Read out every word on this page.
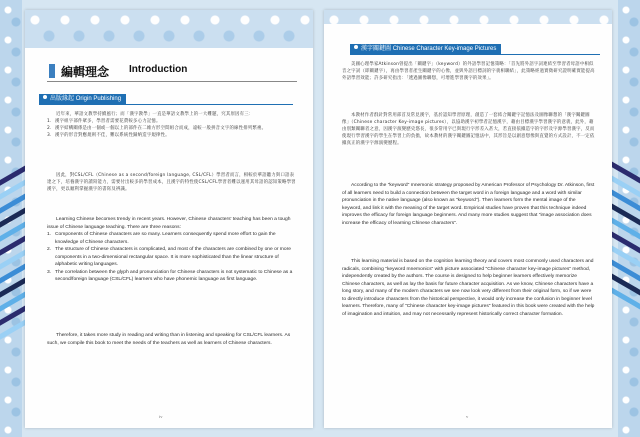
編輯理念 Introduction
出版緣起 Origin Publishing

近年來，華語文教學持續風行；而「漢字教學」一直是華語文教學上的一大難題，究其原因有三：

1. 漢字組字部件眾多，學習者需要花費較多心力記憶。
2. 漢字結構關係是由一個或一個以上的部件在二維方形空間組合而成，遠較一般拼音文字的線性排列繁複。
3. 漢字的形音對應規則不佳，難以系統性歸納造字規律性。

因此，對CSL/CFL（Chinese as a second/foreign language, CSL/CFL）學習者而言，相較於華語聽力與口語表達之下，培養漢字的讀寫能力，需要付出較多的學習成本，且漢字的特性使CSL/CFL學習者難以運用其母語的認知策略學習漢字，更以順利掌握漢字的書寫及辨識。

Learning Chinese becomes trendy in recent years. However, Chinese characters' teaching has been a tough issue of Chinese language teaching. There are three reasons:

1. Components of Chinese characters are so many. Learners consequently spend more effort to gain the knowledge of Chinese characters.
2. The structure of Chinese characters is complicated, and most of the characters are combined by one or more components in a two-dimensional rectangular space. It is more sophisticated than the linear structure of alphabetic writing languages.
3. The correlation between the glyph and pronunciation for Chinese characters is not systematic to Chinese as a second/foreign language (CSL/CFL) learners who have phonemic language as first language.

Therefore, it takes more study in reading and writing than in listening and speaking for CSL/CFL learners. As such, we compile this book to meet the needs of the teachers as well as learners of Chinese characters.

iv
漢字關鍵圖 Chinese Character Key-image Pictures

美國心理學家Atkinson曾提出「關鍵字」（keyword）的外語學習記憶策略：「首先將外語字詞連結至學習者母語中相似音之字詞（即關鍵字），再由學習者產生關鍵字的心像，並與外語目標詞的字義相聯結」，此策略經過實徵研究證明確實能提高外語學習效能；許多研究指出：「透過圖像聯想，可增進學習漢字的效果」。

本教材作者群針對常用部首及常見漢字，基於認知學習原理，創造了一套結合關鍵字記憶法及圖像聯想的「漢字關鍵圖像」（Chinese character Key-image pictures），以協助漢字初學者記憶漢字，藉由目標漢字學習漢字的意義，此外，藉由別類關聯者之意，因漢字演變歷史悠長，很多常用字已與現行字形差入甚大，若直接依據造字的字形及字源學習漢字，反而使現行學習漢字的學生在學習上的負擔，故本教材的漢字關鍵圖記憶法中，其形旨是以創意想像與直覺的方式設計，不一定依據真正的漢字字源演變歷程。

According to the "keyword" mnemonic strategy proposed by American Professor of Psychology Dr. Atkinson, first of all learners need to build a connection between the target word in a foreign language and a word with similar pronunciation in the native language (also known as "keyword"). Then learners form the mental image of the keyword, and link it with the meaning of the target word. Empirical studies have proven that this technique indeed improves the efficacy for foreign language beginners. And many more studies suggest that "image association does increase the efficacy of learning Chinese characters".

This learning material is based on the cognition learning theory and covers most commonly used characters and radicals, combining "keyword mnemonics" with picture associated "Chinese character key-image pictures" method, independently created by the authors. The course is designed to help beginner learners effectively memorize Chinese characters, as well as lay the basis for future character acquisition. As we know, Chinese characters have a long story, and many of the modern characters we see now look very different from their original form, so if we were to directly introduce characters from the historical perspective, it would only increase the confusion in beginner level learners. Therefore, many of "Chinese character key-image pictures" featured in this book were created with the help of imagination and intuition, and may not necessarily represent historically correct character formation.

v
